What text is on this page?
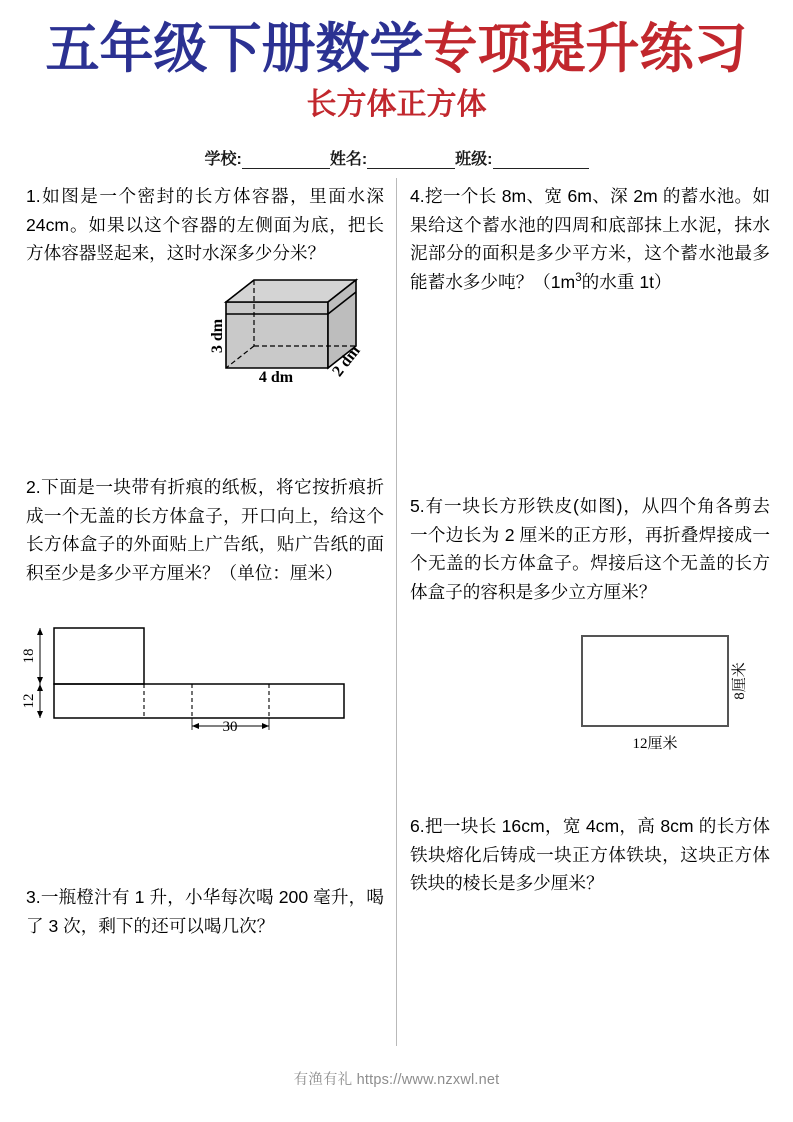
五年级下册数学专项提升练习
长方体正方体
学校:	姓名:	班级:
1.如图是一个密封的长方体容器，里面水深 24cm。如果以这个容器的左侧面为底，把长方体容器竖起来，这时水深多少分米？
3 dm
4 dm 2 dm
2.下面是一块带有折痕的纸板，将它按折痕折成一个无盖的长方体盒子，开口向上，给这个长方体盒子的外面贴上广告纸，贴广告纸的面积至少是多少平方厘米？（单位：厘米）
18
12
30
3.一瓶橙汁有 1 升，小华每次喝 200 毫升，喝了 3 次，剩下的还可以喝几次？
4.挖一个长 8m、宽 6m、深 2m 的蓄水池。如果给这个蓄水池的四周和底部抹上水泥，抹水泥部分的面积是多少平方米，这个蓄水池最多能蓄水多少吨？（$1m^3$的水重 1t）
5.有一块长方形铁皮(如图)，从四个角各剪去一个边长为 2 厘米的正方形，再折叠焊接成一个无盖的长方体盒子。焊接后这个无盖的长方体盒子的容积是多少立方厘米？
12厘米
8厘米
6.把一块长 16cm，宽 4cm，高 8cm 的长方体铁块熔化后铸成一块正方体铁块，这块正方体铁块的棱长是多少厘米？
有渔有礼 https://www.nzxwl.net
